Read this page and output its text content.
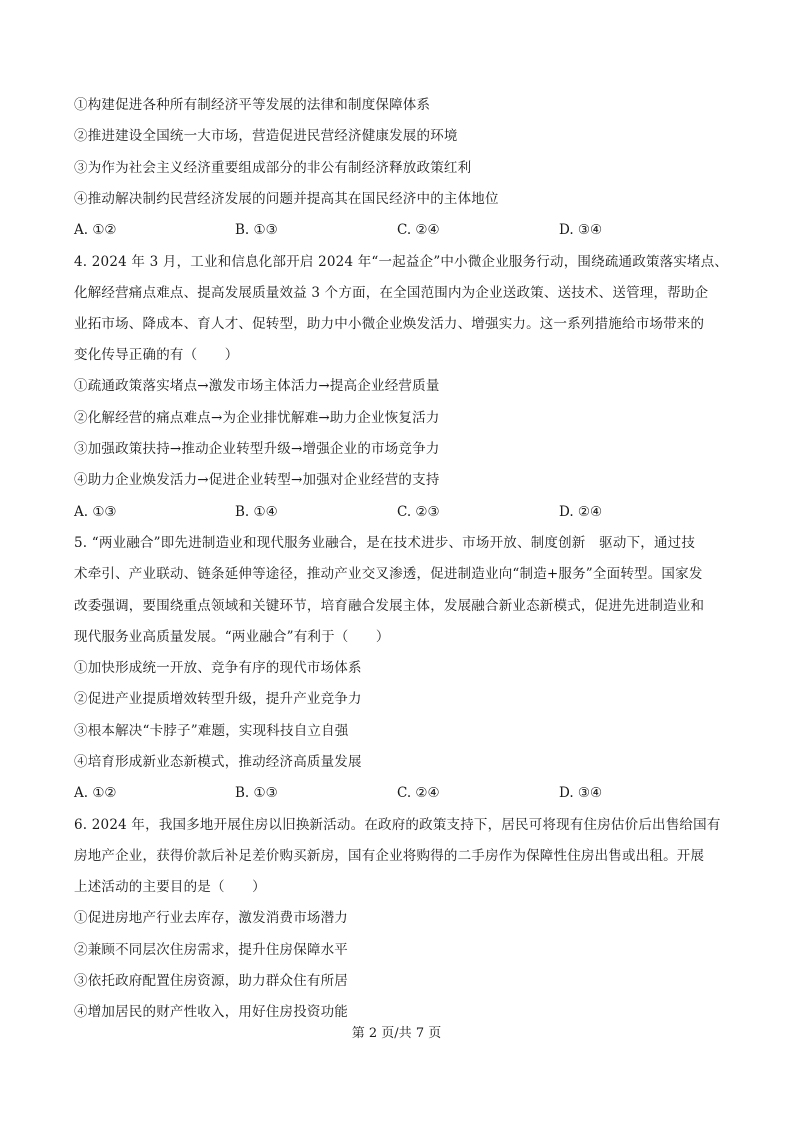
①构建促进各种所有制经济平等发展的法律和制度保障体系
②推进建设全国统一大市场，营造促进民营经济健康发展的环境
③为作为社会主义经济重要组成部分的非公有制经济释放政策红利
④推动解决制约民营经济发展的问题并提高其在国民经济中的主体地位
A. ①②	B. ①③	C. ②④	D. ③④
4. 2024 年 3 月，工业和信息化部开启 2024 年“一起益企”中小微企业服务行动，围绕疏通政策落实堵点、
化解经营痛点难点、提高发展质量效益 3 个方面，在全国范围内为企业送政策、送技术、送管理，帮助企
业拓市场、降成本、育人才、促转型，助力中小微企业焕发活力、增强实力。这一系列措施给市场带来的
变化传导正确的有（　　）
①疏通政策落实堵点→激发市场主体活力→提高企业经营质量
②化解经营的痛点难点→为企业排忧解难→助力企业恢复活力
③加强政策扶持→推动企业转型升级→增强企业的市场竞争力
④助力企业焕发活力→促进企业转型→加强对企业经营的支持
A. ①③	B. ①④	C. ②③	D. ②④
5. “两业融合”即先进制造业和现代服务业融合，是在技术进步、市场开放、制度创新　驱动下，通过技
术牵引、产业联动、链条延伸等途径，推动产业交叉渗透，促进制造业向“制造+服务”全面转型。国家发
改委强调，要围绕重点领域和关键环节，培育融合发展主体，发展融合新业态新模式，促进先进制造业和
现代服务业高质量发展。“两业融合”有利于（　　）
①加快形成统一开放、竞争有序的现代市场体系
②促进产业提质增效转型升级，提升产业竞争力
③根本解决“卡脖子”难题，实现科技自立自强
④培育形成新业态新模式，推动经济高质量发展
A. ①②	B. ①③	C. ②④	D. ③④
6. 2024 年，我国多地开展住房以旧换新活动。在政府的政策支持下，居民可将现有住房估价后出售给国有
房地产企业，获得价款后补足差价购买新房，国有企业将购得的二手房作为保障性住房出售或出租。开展
上述活动的主要目的是（　　）
①促进房地产行业去库存，激发消费市场潜力
②兼顾不同层次住房需求，提升住房保障水平
③依托政府配置住房资源，助力群众住有所居
④增加居民的财产性收入，用好住房投资功能
第 2 页/共 7 页
